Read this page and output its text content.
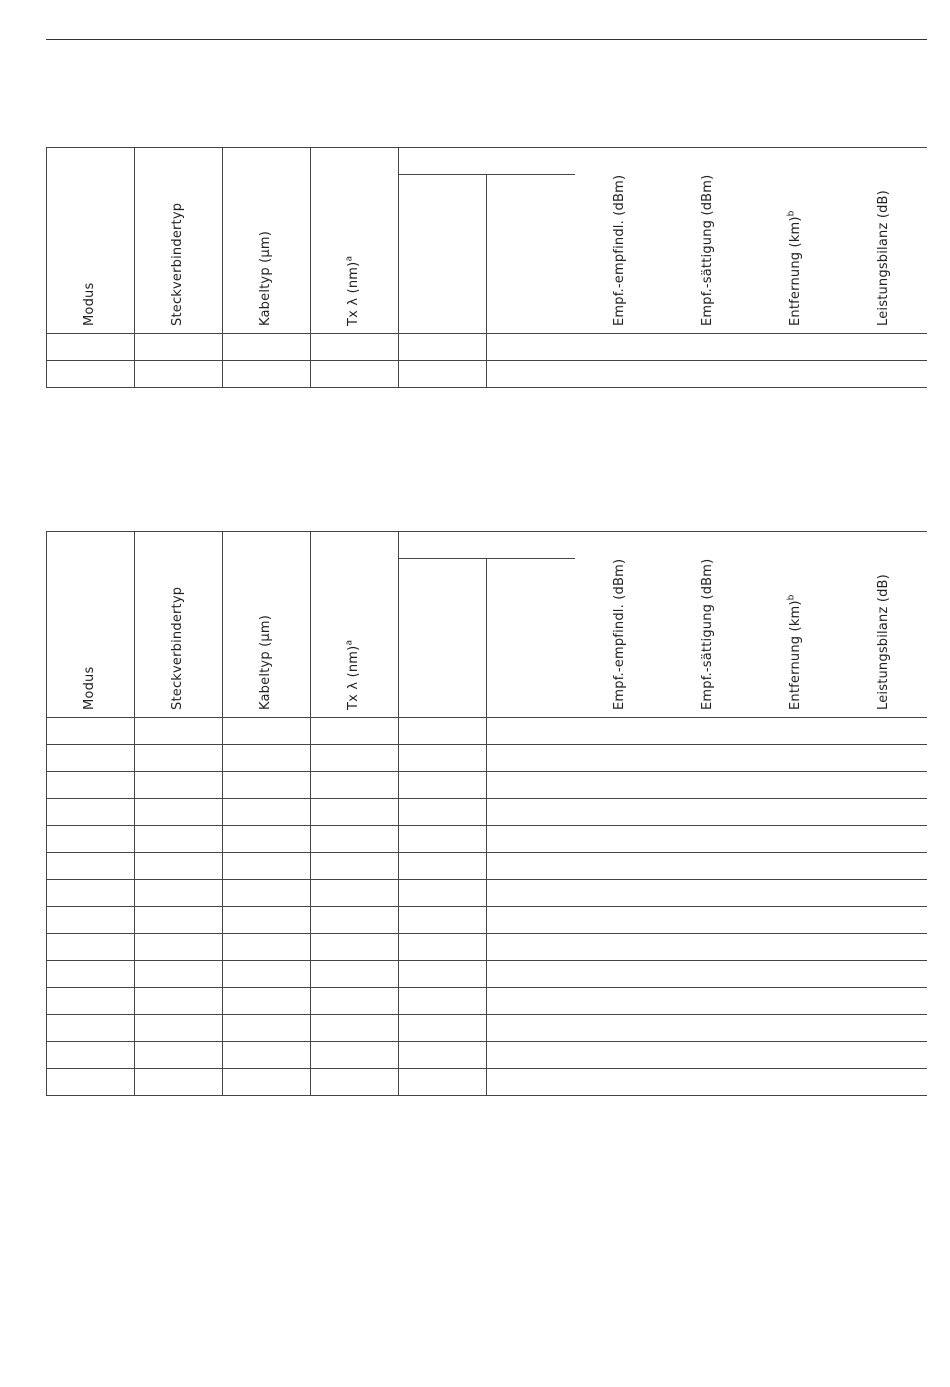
Modus	Steckverbindertyp	Kabeltyp (µm)	Tx λ (nm)$^a$	Empf.-empfindl. (dBm)	Empf.-sättigung (dBm)	Entfernung (km)$^b$	Leistungsbilanz (dB)
Modus	Steckverbindertyp	Kabeltyp (µm)	Tx λ (nm)$^a$	Empf.-empfindl. (dBm)	Empf.-sättigung (dBm)	Entfernung (km)$^b$	Leistungsbilanz (dB)
